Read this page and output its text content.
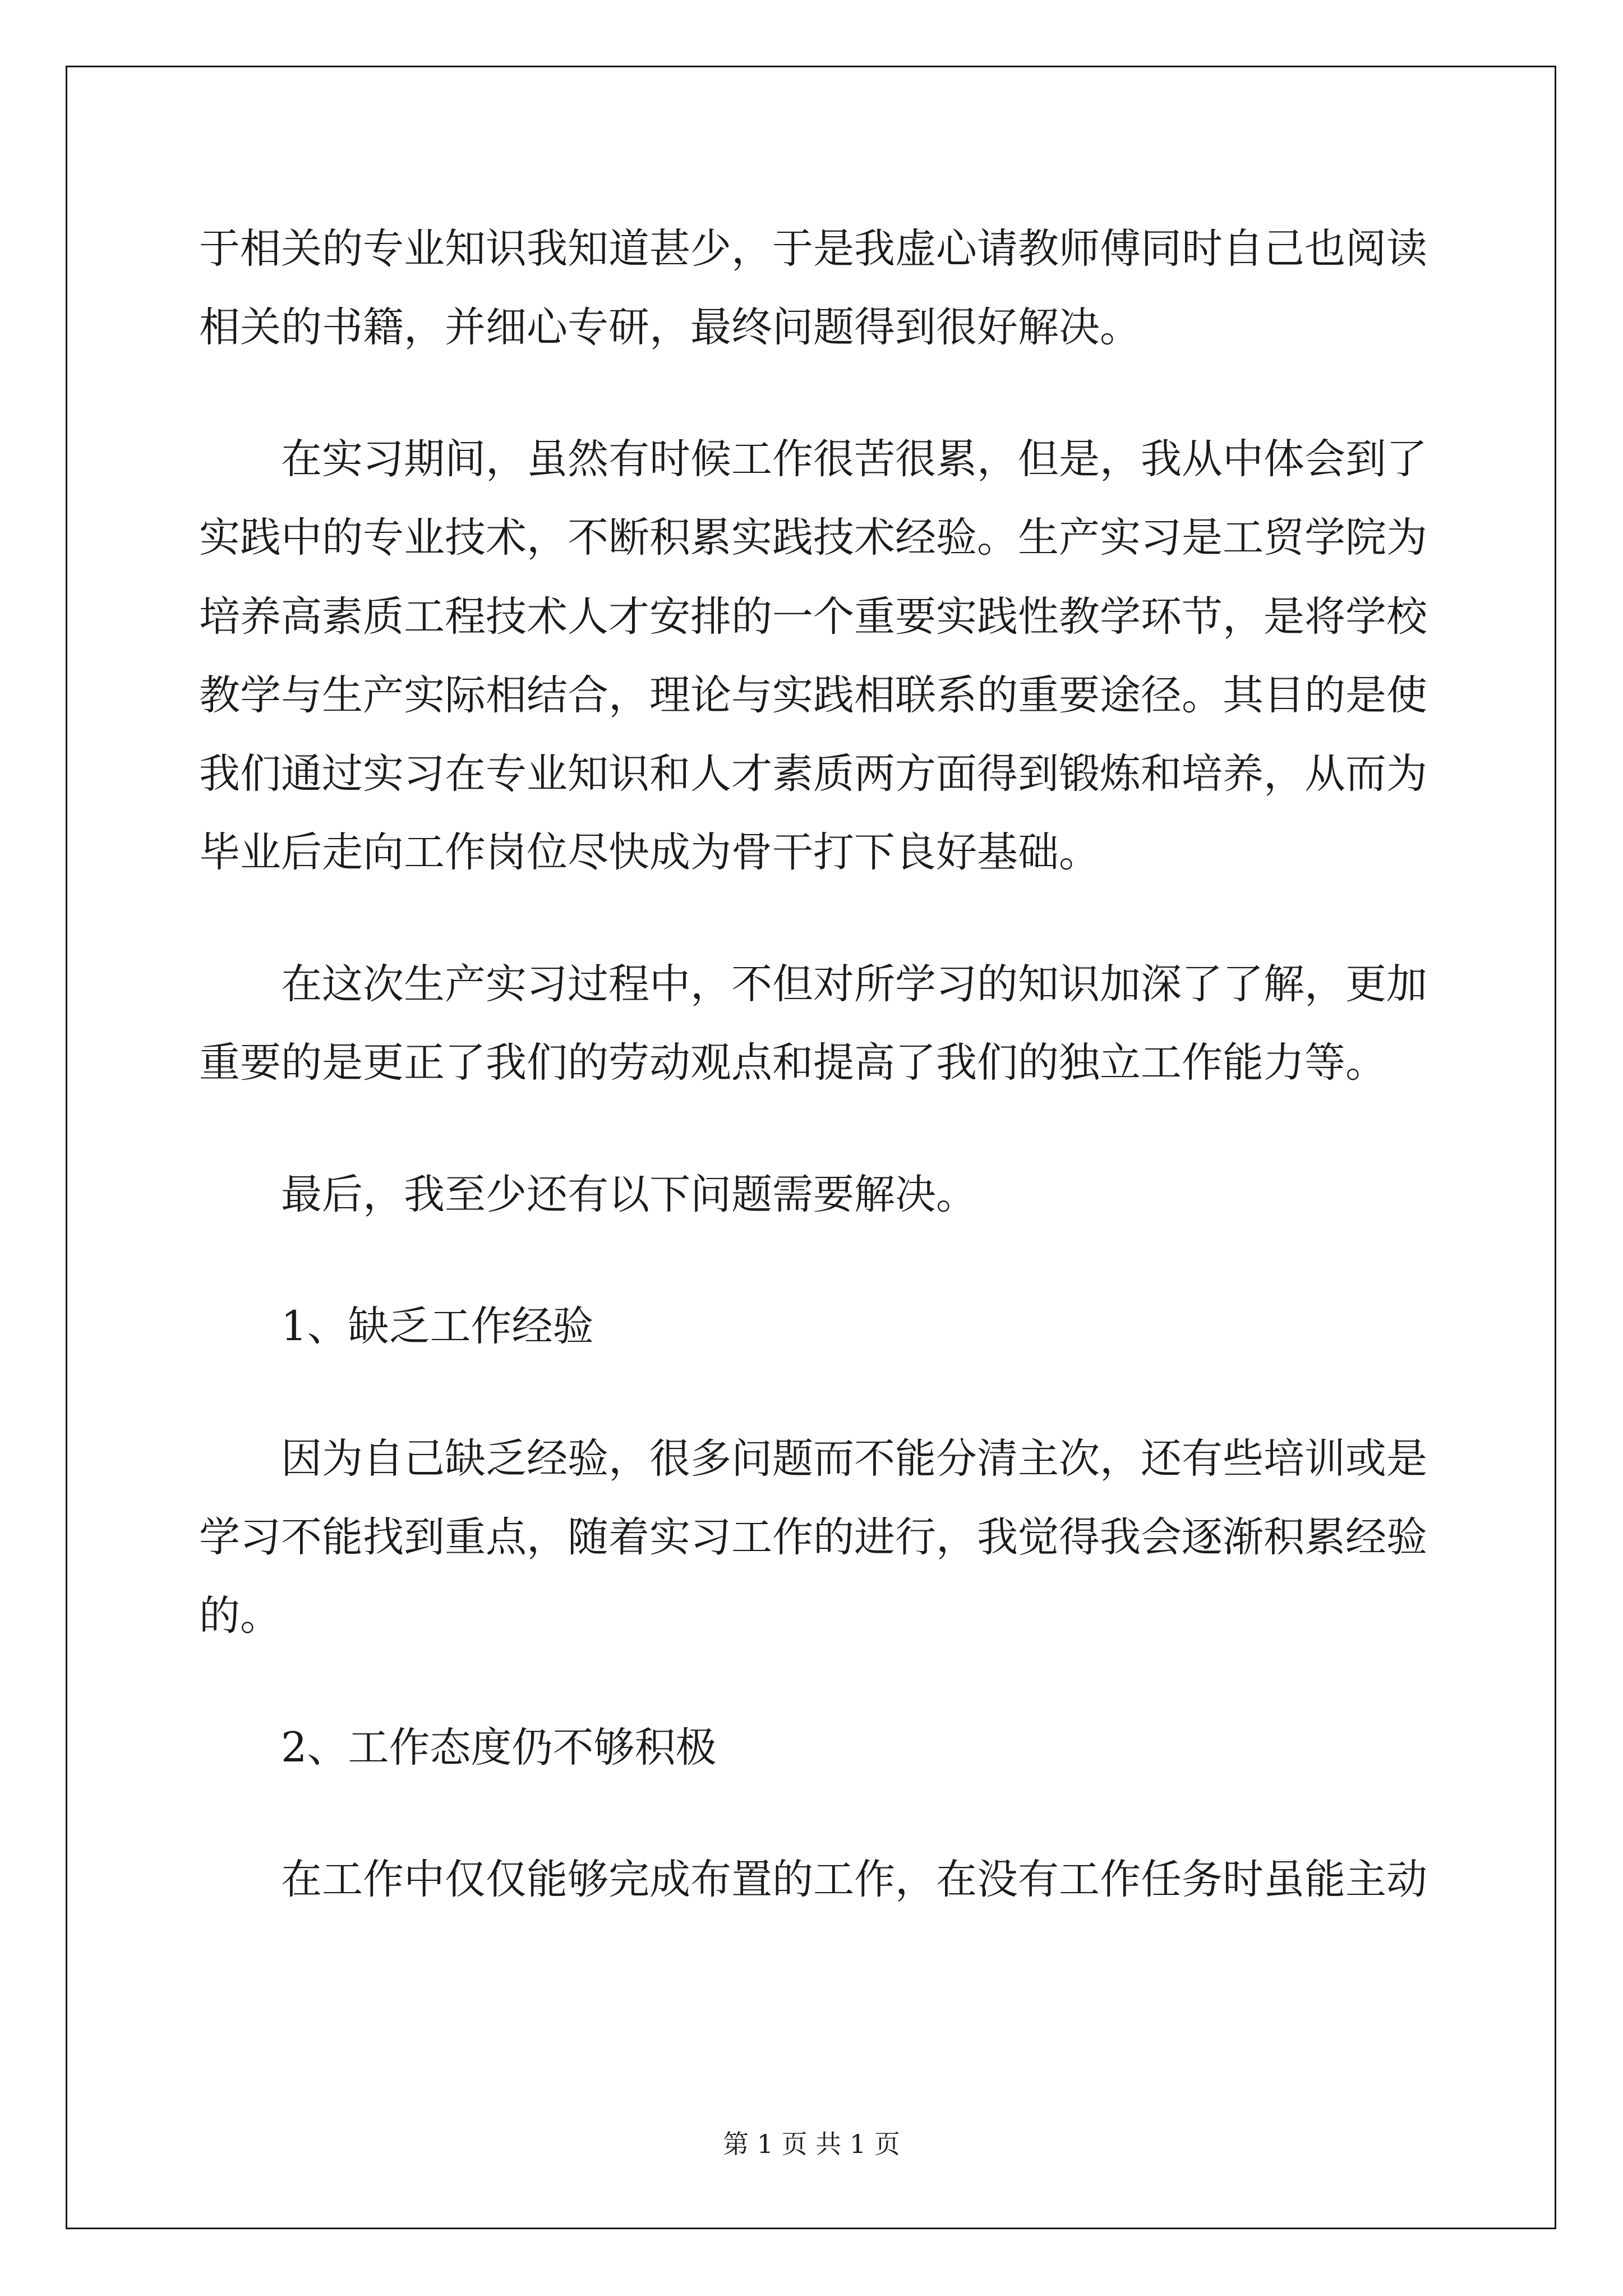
于相关的专业知识我知道甚少，于是我虚心请教师傅同时自己也阅读
相关的书籍，并细心专研，最终问题得到很好解决。
在实习期间，虽然有时候工作很苦很累，但是，我从中体会到了
实践中的专业技术，不断积累实践技术经验。生产实习是工贸学院为
培养高素质工程技术人才安排的一个重要实践性教学环节，是将学校
教学与生产实际相结合，理论与实践相联系的重要途径。其目的是使
我们通过实习在专业知识和人才素质两方面得到锻炼和培养，从而为
毕业后走向工作岗位尽快成为骨干打下良好基础。
在这次生产实习过程中，不但对所学习的知识加深了了解，更加
重要的是更正了我们的劳动观点和提高了我们的独立工作能力等。
最后，我至少还有以下问题需要解决。
1、缺乏工作经验
因为自己缺乏经验，很多问题而不能分清主次，还有些培训或是
学习不能找到重点，随着实习工作的进行，我觉得我会逐渐积累经验
的。
2、工作态度仍不够积极
在工作中仅仅能够完成布置的工作，在没有工作任务时虽能主动
第 1 页 共 1 页
